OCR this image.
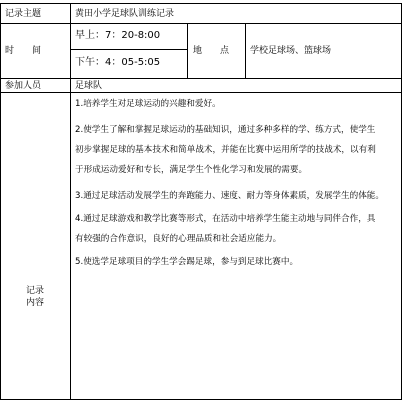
记录主题	黄田小学足球队训练记录
时　　间
早上：7：20-8:00
下午：4：05-5:05
地　　点 学校足球场、篮球场
参加人员	足球队
记录
内容
1.培养学生对足球运动的兴趣和爱好。
2.使学生了解和掌握足球运动的基础知识，通过多种多样的学、练方式，使学生
初步掌握足球的基本技术和简单战术，并能在比赛中运用所学的技战术，以有利
于形成运动爱好和专长，满足学生个性化学习和发展的需要。
3.通过足球活动发展学生的奔跑能力、速度、耐力等身体素质，发展学生的体能。
4.通过足球游戏和教学比赛等形式，在活动中培养学生能主动地与同伴合作，具
有较强的合作意识，良好的心理品质和社会适应能力。
5.使选学足球项目的学生学会踢足球，参与到足球比赛中。
